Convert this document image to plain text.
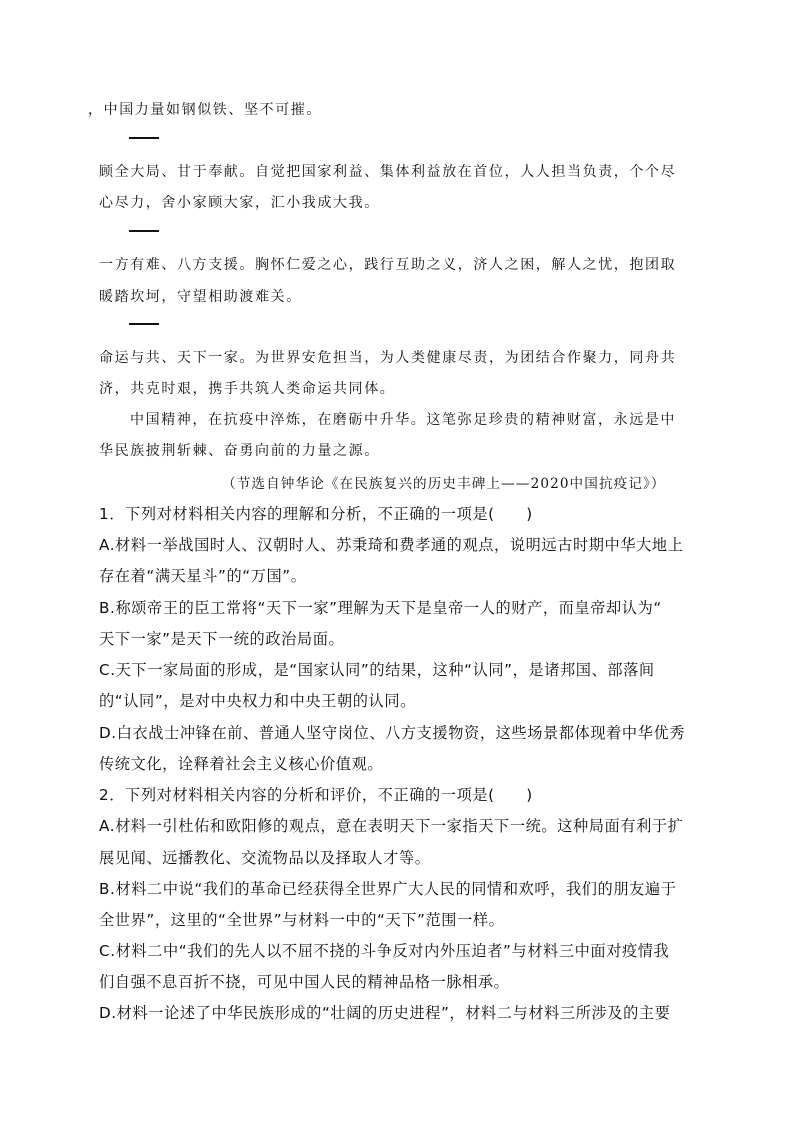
，中国力量如钢似铁、坚不可摧。
顾全大局、甘于奉献。自觉把国家利益、集体利益放在首位，人人担当负责，个个尽
心尽力，舍小家顾大家，汇小我成大我。
一方有难、八方支援。胸怀仁爱之心，践行互助之义，济人之困，解人之忧，抱团取
暖踏坎坷，守望相助渡难关。
命运与共、天下一家。为世界安危担当，为人类健康尽责，为团结合作聚力，同舟共
济，共克时艰，携手共筑人类命运共同体。
中国精神，在抗疫中淬炼，在磨砺中升华。这笔弥足珍贵的精神财富，永远是中
华民族披荆斩棘、奋勇向前的力量之源。
（节选自钟华论《在民族复兴的历史丰碑上——2020中国抗疫记》）
1．下列对材料相关内容的理解和分析，不正确的一项是(　　)
A.材料一举战国时人、汉朝时人、苏秉琦和费孝通的观点，说明远古时期中华大地上
存在着“满天星斗”的“万国”。
B.称颂帝王的臣工常将“天下一家”理解为天下是皇帝一人的财产，而皇帝却认为“
天下一家”是天下一统的政治局面。
C.天下一家局面的形成，是“国家认同”的结果，这种“认同”，是诸邦国、部落间
的“认同”，是对中央权力和中央王朝的认同。
D.白衣战士冲锋在前、普通人坚守岗位、八方支援物资，这些场景都体现着中华优秀
传统文化，诠释着社会主义核心价值观。
2．下列对材料相关内容的分析和评价，不正确的一项是(　　)
A.材料一引杜佑和欧阳修的观点，意在表明天下一家指天下一统。这种局面有利于扩
展见闻、远播教化、交流物品以及择取人才等。
B.材料二中说“我们的革命已经获得全世界广大人民的同情和欢呼，我们的朋友遍于
全世界”，这里的“全世界”与材料一中的“天下”范围一样。
C.材料二中“我们的先人以不屈不挠的斗争反对内外压迫者”与材料三中面对疫情我
们自强不息百折不挠，可见中国人民的精神品格一脉相承。
D.材料一论述了中华民族形成的“壮阔的历史进程”，材料二与材料三所涉及的主要
